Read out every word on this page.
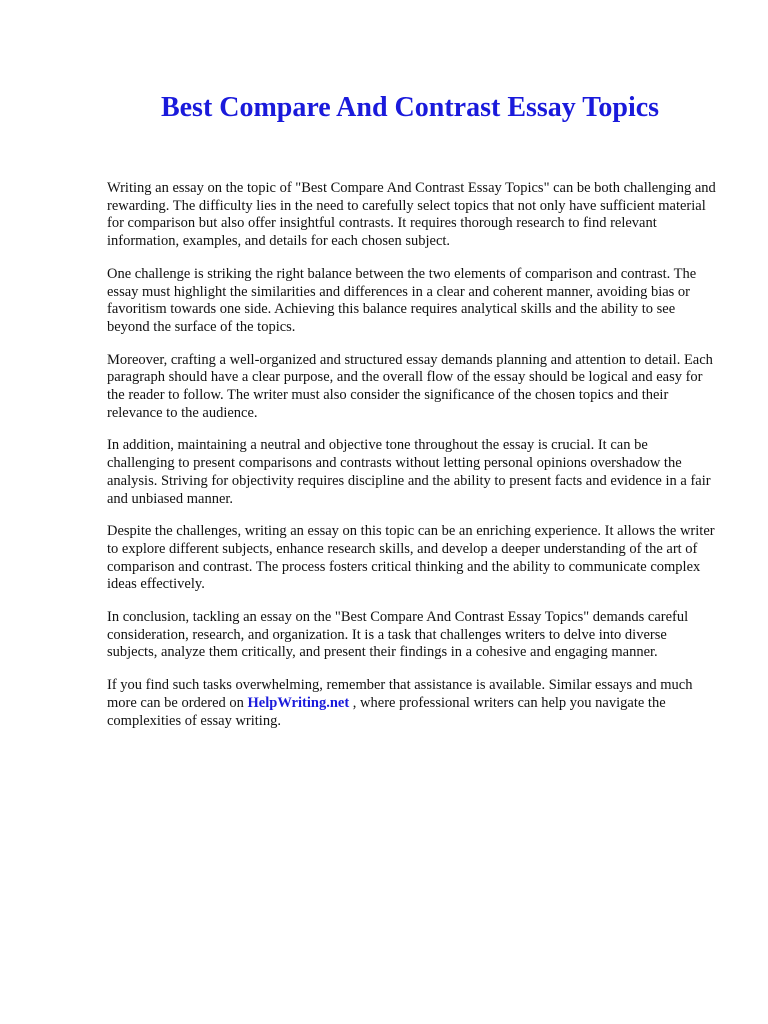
Best Compare And Contrast Essay Topics

Writing an essay on the topic of "Best Compare And Contrast Essay Topics" can be both challenging and rewarding. The difficulty lies in the need to carefully select topics that not only have sufficient material for comparison but also offer insightful contrasts. It requires thorough research to find relevant information, examples, and details for each chosen subject.

One challenge is striking the right balance between the two elements of comparison and contrast. The essay must highlight the similarities and differences in a clear and coherent manner, avoiding bias or favoritism towards one side. Achieving this balance requires analytical skills and the ability to see beyond the surface of the topics.

Moreover, crafting a well-organized and structured essay demands planning and attention to detail. Each paragraph should have a clear purpose, and the overall flow of the essay should be logical and easy for the reader to follow. The writer must also consider the significance of the chosen topics and their relevance to the audience.

In addition, maintaining a neutral and objective tone throughout the essay is crucial. It can be challenging to present comparisons and contrasts without letting personal opinions overshadow the analysis. Striving for objectivity requires discipline and the ability to present facts and evidence in a fair and unbiased manner.

Despite the challenges, writing an essay on this topic can be an enriching experience. It allows the writer to explore different subjects, enhance research skills, and develop a deeper understanding of the art of comparison and contrast. The process fosters critical thinking and the ability to communicate complex ideas effectively.

In conclusion, tackling an essay on the "Best Compare And Contrast Essay Topics" demands careful consideration, research, and organization. It is a task that challenges writers to delve into diverse subjects, analyze them critically, and present their findings in a cohesive and engaging manner.

If you find such tasks overwhelming, remember that assistance is available. Similar essays and much more can be ordered on HelpWriting.net , where professional writers can help you navigate the complexities of essay writing.
